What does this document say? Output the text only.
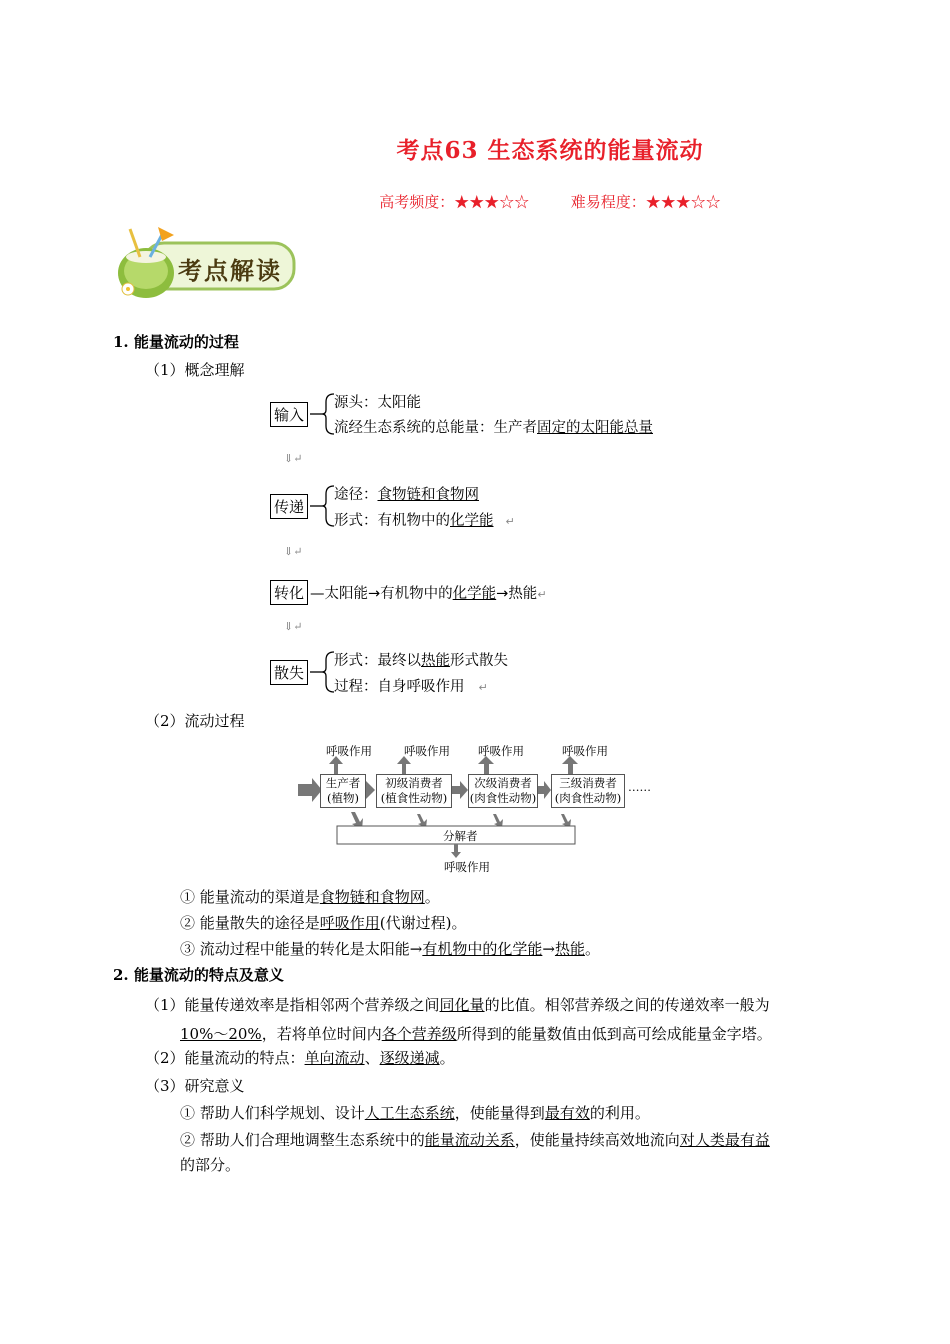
考点63 生态系统的能量流动
高考频度：★★★☆☆	难易程度：★★★☆☆
考点解读
1. 能量流动的过程
（1）概念理解
输入
源头：太阳能
流经生态系统的总能量：生产者固定的太阳能总量
⇓↵
传递
途径：食物链和食物网
形式：有机物中的化学能 ↵
⇓↵
转化 —太阳能→有机物中的化学能→热能↵
⇓↵
散失
形式：最终以热能形式散失
过程：自身呼吸作用 ↵
（2）流动过程
呼吸作用	呼吸作用 呼吸作用	呼吸作用
生产者
(植物)
初级消费者
(植食性动物)
次级消费者
(肉食性动物)
三级消费者
(肉食性动物)
……
分解者
呼吸作用
① 能量流动的渠道是食物链和食物网。
② 能量散失的途径是呼吸作用(代谢过程)。
③ 流动过程中能量的转化是太阳能→有机物中的化学能→热能。
2. 能量流动的特点及意义
（1）能量传递效率是指相邻两个营养级之间同化量的比值。相邻营养级之间的传递效率一般为
10%～20%，若将单位时间内各个营养级所得到的能量数值由低到高可绘成能量金字塔。
（2）能量流动的特点：单向流动、逐级递减。
（3）研究意义
① 帮助人们科学规划、设计人工生态系统，使能量得到最有效的利用。
② 帮助人们合理地调整生态系统中的能量流动关系，使能量持续高效地流向对人类最有益
的部分。
